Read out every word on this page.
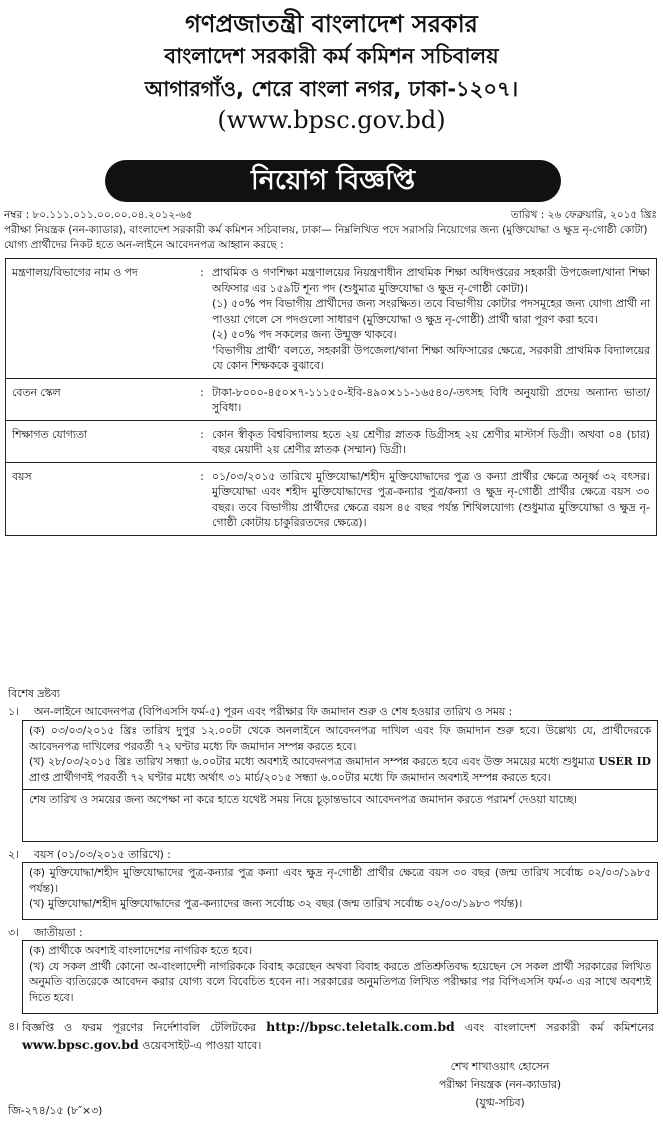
গণপ্রজাতন্ত্রী বাংলাদেশ সরকার
বাংলাদেশ সরকারী কর্ম কমিশন সচিবালয়
আগারগাঁও, শেরে বাংলা নগর, ঢাকা-১২০৭।
(www.bpsc.gov.bd)
নিয়োগ বিজ্ঞপ্তি
নম্বর : ৮০.১১১.০১১.০০.০০.০৪.২০১২-৬৫	তারিখ : ২৬ ফেব্রুয়ারি, ২০১৫ খ্রিঃ
পরীক্ষা নিয়ন্ত্রক (নন-ক্যাডার), বাংলাদেশ সরকারী কর্ম কমিশন সচিবালয়, ঢাকা— নিম্নলিখিত পদে সরাসরি নিয়োগের জন্য (মুক্তিযোদ্ধা ও ক্ষুদ্র নৃ-গোষ্ঠী কোটা) যোগ্য প্রার্থীদের নিকট হতে অন-লাইনে আবেদনপত্র আহ্বান করছে :
মন্ত্রণালয়/বিভাগের নাম ও পদ	:	প্রাথমিক ও গণশিক্ষা মন্ত্রণালয়ের নিয়ন্ত্রণাধীন প্রাথমিক শিক্ষা অধিদপ্তরের সহকারী উপজেলা/থানা শিক্ষা অফিসার এর ১৫৯টি শূন্য পদ (শুধুমাত্র মুক্তিযোদ্ধা ও ক্ষুদ্র নৃ-গোষ্ঠী কোটা)।
(১) ৫০% পদ বিভাগীয় প্রার্থীদের জন্য সংরক্ষিত। তবে বিভাগীয় কোটার পদসমূহের জন্য যোগ্য প্রার্থী না পাওয়া গেলে সে পদগুলো সাধারণ (মুক্তিযোদ্ধা ও ক্ষুদ্র নৃ-গোষ্ঠী) প্রার্থী দ্বারা পূরণ করা হবে।
(২) ৫০% পদ সকলের জন্য উন্মুক্ত থাকবে।
‘বিভাগীয় প্রার্থী’ বলতে, সহকারী উপজেলা/থানা শিক্ষা অফিসারের ক্ষেত্রে, সরকারী প্রাথমিক বিদ্যালয়ের যে কোন শিক্ষককে বুঝাবে।

বেতন স্কেল	:	টাকা-৮০০০-৪৫০×৭-১১১৫০-ইবি-৪৯০×১১-১৬৫৪০/-তৎসহ বিধি অনুযায়ী প্রদেয় অন্যান্য ভাতা/সুবিধা।
শিক্ষাগত যোগ্যতা	:	কোন স্বীকৃত বিশ্ববিদ্যালয় হতে ২য় শ্রেণীর স্নাতক ডিগ্রীসহ ২য় শ্রেণীর মাস্টার্স ডিগ্রী। অথবা ০৪ (চার) বছর মেয়াদী ২য় শ্রেণীর স্নাতক (সম্মান) ডিগ্রী।
বয়স	:	০১/০৩/২০১৫ তারিখে মুক্তিযোদ্ধা/শহীদ মুক্তিযোদ্ধাদের পুত্র ও কন্যা প্রার্থীর ক্ষেত্রে অনূর্ধ্ব ৩২ বৎসর। মুক্তিযোদ্ধা এবং শহীদ মুক্তিযোদ্ধাদের পুত্র-কন্যার পুত্র/কন্যা ও ক্ষুদ্র নৃ-গোষ্ঠী প্রার্থীর ক্ষেত্রে বয়স ৩০ বছর। তবে বিভাগীয় প্রার্থীদের ক্ষেত্রে বয়স ৪৫ বছর পর্যন্ত শিথিলযোগ্য (শুধুমাত্র মুক্তিযোদ্ধা ও ক্ষুদ্র নৃ-গোষ্ঠী কোটায় চাকুরিরতদের ক্ষেত্রে)।
বিশেষ দ্রষ্টব্য
১। অন-লাইনে আবেদনপত্র (বিপিএসসি ফর্ম-৫) পূরন এবং পরীক্ষার ফি জমাদান শুরু ও শেষ হওয়ার তারিখ ও সময় :

(ক) ০৩/০৩/২০১৫ খ্রিঃ তারিখ দুপুর ১২.০০টা থেকে অনলাইনে আবেদনপত্র দাখিল এবং ফি জমাদান শুরু হবে। উল্লেখ্য যে, প্রার্থীদেরকে আবেদনপত্র দাখিলের পরবর্তী ৭২ ঘণ্টার মধ্যে ফি জমাদান সম্পন্ন করতে হবে।

(খ) ২৮/০৩/২০১৫ খ্রিঃ তারিখ সন্ধ্যা ৬.০০টার মধ্যে অবশ্যই আবেদনপত্র জমাদান সম্পন্ন করতে হবে এবং উক্ত সময়ের মধ্যে শুধুমাত্র USER ID প্রাপ্ত প্রার্থীগণই পরবর্তী ৭২ ঘণ্টার মধ্যে অর্থাৎ ৩১ মার্চ/২০১৫ সন্ধ্যা ৬.০০টার মধ্যে ফি জমাদান অবশ্যই সম্পন্ন করতে হবে।

শেষ তারিখ ও সময়ের জন্য অপেক্ষা না করে হাতে যথেষ্ট সময় নিয়ে চূড়ান্তভাবে আবেদনপত্র জমাদান করতে পরামর্শ দেওয়া যাচ্ছে।
২। বয়স (০১/০৩/২০১৫ তারিখে) :

(ক) মুক্তিযোদ্ধা/শহীদ মুক্তিযোদ্ধাদের পুত্র-কন্যার পুত্র কন্যা এবং ক্ষুদ্র নৃ-গোষ্ঠী প্রার্থীর ক্ষেত্রে বয়স ৩০ বছর (জন্ম তারিখ সর্বোচ্চ ০২/০৩/১৯৮৫ পর্যন্ত)।

(খ) মুক্তিযোদ্ধা/শহীদ মুক্তিযোদ্ধাদের পুত্র-কন্যাদের জন্য সর্বোচ্চ ৩২ বছর (জন্ম তারিখ সর্বোচ্চ ০২/০৩/১৯৮৩ পর্যন্ত)।

৩। জাতীয়তা :

(ক) প্রার্থীকে অবশ্যই বাংলাদেশের নাগরিক হতে হবে।

(খ) যে সকল প্রার্থী কোনো অ-বাংলাদেশী নাগরিককে বিবাহ করেছেন অথবা বিবাহ করতে প্রতিশ্রুতিবদ্ধ হয়েছেন সে সকল প্রার্থী সরকারের লিখিত অনুমতি ব্যতিরেকে আবেদন করার যোগ্য বলে বিবেচিত হবেন না। সরকারের অনুমতিপত্র লিখিত পরীক্ষার পর বিপিএসসি ফর্ম-৩ এর সাথে অবশ্যই দিতে হবে।

৪। বিজ্ঞপ্তি ও ফরম পূরণের নির্দেশাবলি টেলিটকের http://bpsc.teletalk.com.bd এবং বাংলাদেশ সরকারী কর্ম কমিশনের www.bpsc.gov.bd ওয়েবসাইট-এ পাওয়া যাবে।
শেখ শাখাওয়াৎ হোসেন
পরীক্ষা নিয়ন্ত্রক (নন-ক্যাডার)
(যুগ্ম-সচিব)
জি-২৭৪/১৫ (৮″×৩)
